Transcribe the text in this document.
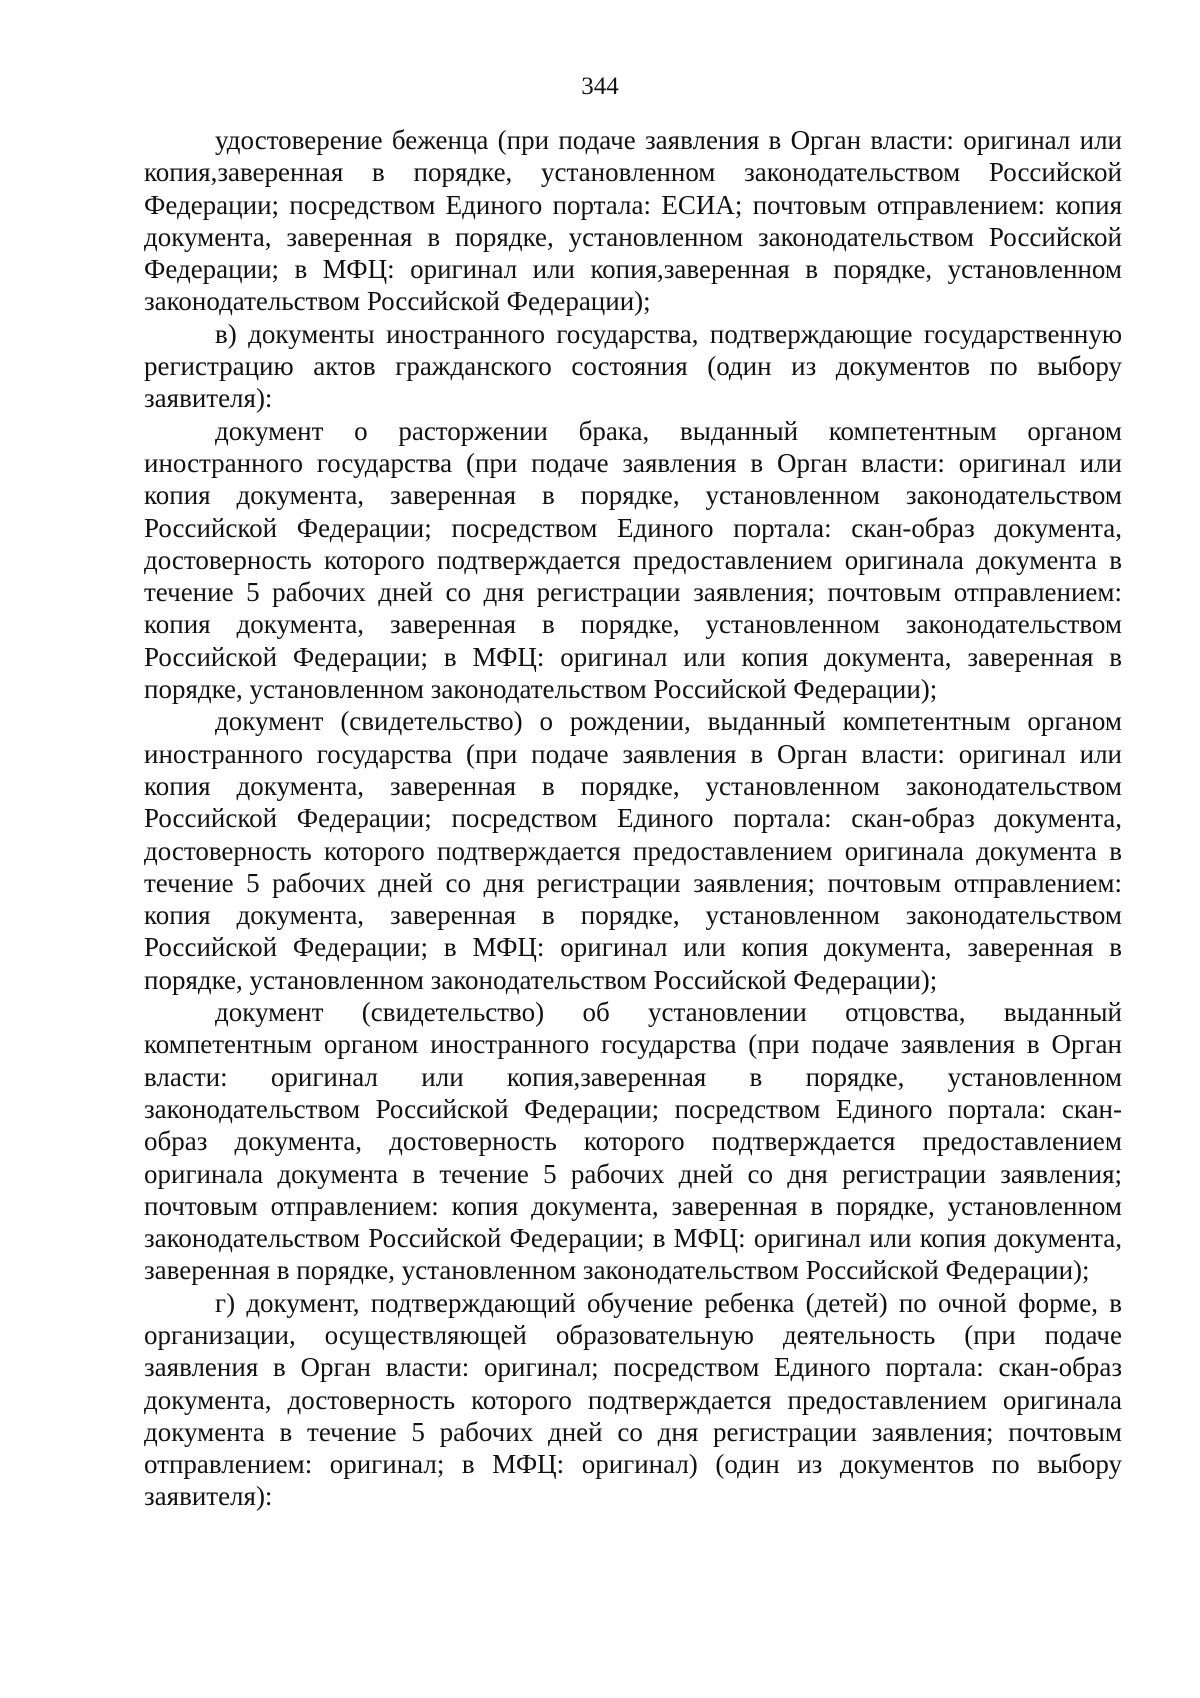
344

удостоверение беженца (при подаче заявления в Орган власти: оригинал или копия,заверенная в порядке, установленном законодательством Российской Федерации; посредством Единого портала: ЕСИА; почтовым отправлением: копия документа, заверенная в порядке, установленном законодательством Российской Федерации; в МФЦ: оригинал или копия,заверенная в порядке, установленном законодательством Российской Федерации);

в) документы иностранного государства, подтверждающие государственную регистрацию актов гражданского состояния (один из документов по выбору заявителя):

документ о расторжении брака, выданный компетентным органом иностранного государства (при подаче заявления в Орган власти: оригинал или копия документа, заверенная в порядке, установленном законодательством Российской Федерации; посредством Единого портала: скан-образ документа, достоверность которого подтверждается предоставлением оригинала документа в течение 5 рабочих дней со дня регистрации заявления; почтовым отправлением: копия документа, заверенная в порядке, установленном законодательством Российской Федерации; в МФЦ: оригинал или копия документа, заверенная в порядке, установленном законодательством Российской Федерации);

документ (свидетельство) о рождении, выданный компетентным органом иностранного государства (при подаче заявления в Орган власти: оригинал или копия документа, заверенная в порядке, установленном законодательством Российской Федерации; посредством Единого портала: скан-образ документа, достоверность которого подтверждается предоставлением оригинала документа в течение 5 рабочих дней со дня регистрации заявления; почтовым отправлением: копия документа, заверенная в порядке, установленном законодательством Российской Федерации; в МФЦ: оригинал или копия документа, заверенная в порядке, установленном законодательством Российской Федерации);

документ (свидетельство) об установлении отцовства, выданный компетентным органом иностранного государства (при подаче заявления в Орган власти: оригинал или копия,заверенная в порядке, установленном законодательством Российской Федерации; посредством Единого портала: скан-образ документа, достоверность которого подтверждается предоставлением оригинала документа в течение 5 рабочих дней со дня регистрации заявления; почтовым отправлением: копия документа, заверенная в порядке, установленном законодательством Российской Федерации; в МФЦ: оригинал или копия документа, заверенная в порядке, установленном законодательством Российской Федерации);

г) документ, подтверждающий обучение ребенка (детей) по очной форме, в организации, осуществляющей образовательную деятельность (при подаче заявления в Орган власти: оригинал; посредством Единого портала: скан-образ документа, достоверность которого подтверждается предоставлением оригинала документа в течение 5 рабочих дней со дня регистрации заявления; почтовым отправлением: оригинал; в МФЦ: оригинал) (один из документов по выбору заявителя):
